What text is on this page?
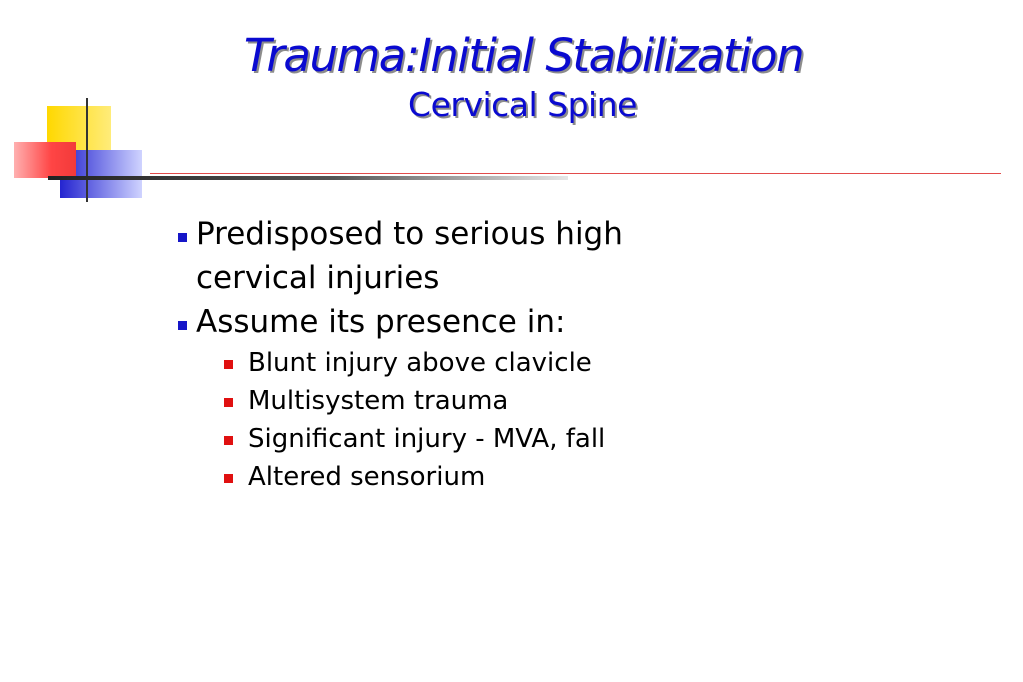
Trauma:Initial Stabilization
Cervical Spine
Predisposed to serious high cervical injuries
Assume its presence in:
Blunt injury above clavicle
Multisystem trauma
Significant injury - MVA, fall
Altered sensorium
